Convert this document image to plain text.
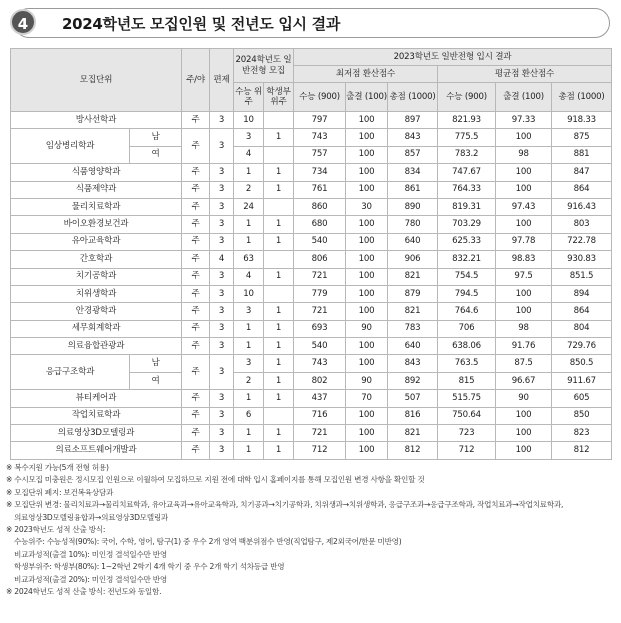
4	2024학년도 모집인원 및 전년도 입시 결과
모집단위		주/야	편제	2024학년도 일반전형 모집		2023학년도 일반전형 입시 결과					
						최저점 환산점수			평균점 환산점수		
				수능 위주	학생부 위주	수능 (900)	출결 (100)	총점 (1000)	수능 (900)	출결 (100)	총점 (1000)
방사선학과		주	3	10		797	100	897	821.93	97.33	918.33
임상병리학과	남	주	3	3	1	743	100	843	775.5	100	875
	여			4		757	100	857	783.2	98	881
식품영양학과		주	3	1	1	734	100	834	747.67	100	847
식품제약과		주	3	2	1	761	100	861	764.33	100	864
물리치료학과		주	3	24		860	30	890	819.31	97.43	916.43
바이오환경보건과		주	3	1	1	680	100	780	703.29	100	803
유아교육학과		주	3	1	1	540	100	640	625.33	97.78	722.78
간호학과		주	4	63		806	100	906	832.21	98.83	930.83
치기공학과		주	3	4	1	721	100	821	754.5	97.5	851.5
치위생학과		주	3	10		779	100	879	794.5	100	894
안경광학과		주	3	3	1	721	100	821	764.6	100	864
세무회계학과		주	3	1	1	693	90	783	706	98	804
의료융합관광과		주	3	1	1	540	100	640	638.06	91.76	729.76
응급구조학과	남	주	3	3	1	743	100	843	763.5	87.5	850.5
	여			2	1	802	90	892	815	96.67	911.67
뷰티케어과		주	3	1	1	437	70	507	515.75	90	605
작업치료학과		주	3	6		716	100	816	750.64	100	850
의료영상3D모델링과		주	3	1	1	721	100	821	723	100	823
의료소프트웨어개발과		주	3	1	1	712	100	812	712	100	812
※ 복수지원 가능(5개 전형 허용)
※ 수시모집 미충원은 정시모집 인원으로 이월하여 모집하므로 지원 전에 대학 입시 홈페이지를 통해 모집인원 변경 사항을 확인할 것
※ 모집단위 폐지: 보건복육상담과
※ 모집단위 변경: 물리치료과→물리치료학과, 유아교육과→유아교육학과, 치기공과→치기공학과, 치위생과→치위생학과, 응급구조과→응급구조학과, 작업치료과→작업치료학과,
의료영상3D모델링융합과→의료영상3D모델링과
※ 2023학년도 성적 산출 방식:
수능위주: 수능성적(90%): 국어, 수학, 영어, 탐구(1) 중 우수 2개 영역 백분위점수 반영(직업탐구, 제2외국어/한문 미반영)
비교과성적(출결 10%): 미인정 결석일수만 반영
학생부위주: 학생부(80%): 1~2학년 2학기 4개 학기 중 우수 2개 학기 석차등급 반영
비교과성적(출결 20%): 미인정 결석일수만 반영
※ 2024학년도 성적 산출 방식: 전년도와 동일함.
